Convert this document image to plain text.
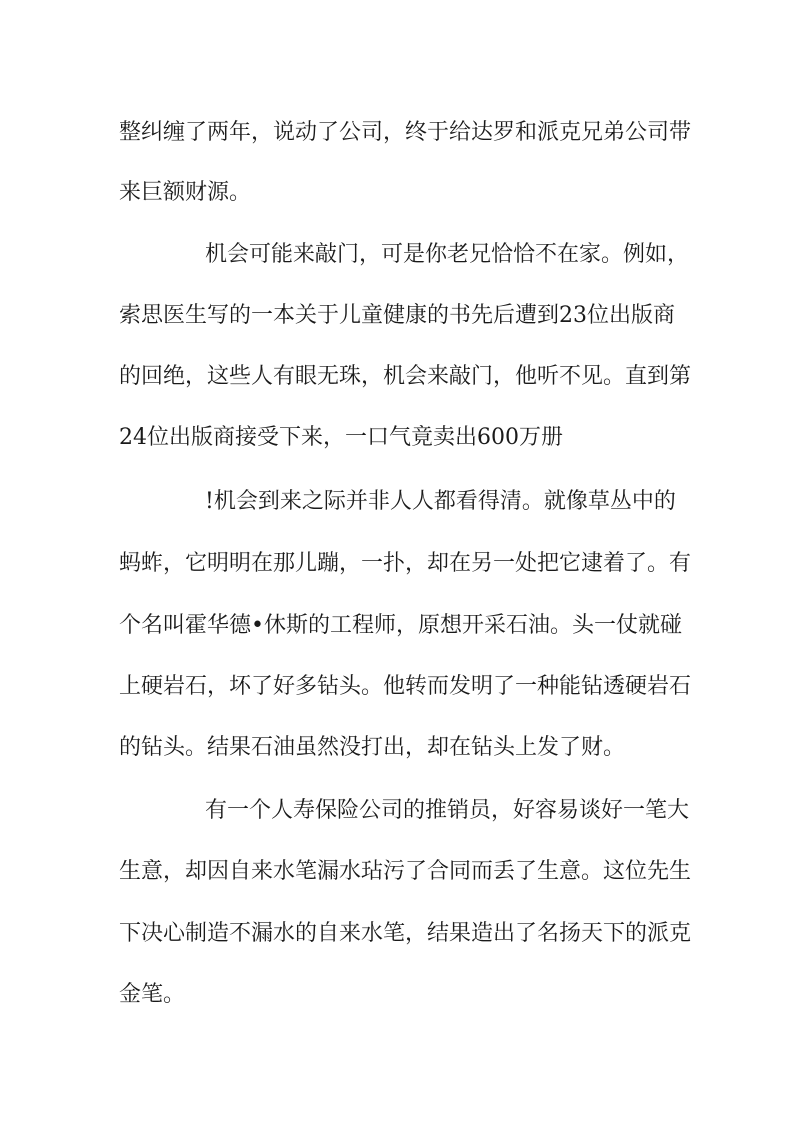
整纠缠了两年，说动了公司，终于给达罗和派克兄弟公司带

来巨额财源。

机会可能来敲门，可是你老兄恰恰不在家。例如，

索思医生写的一本关于儿童健康的书先后遭到23位出版商

的回绝，这些人有眼无珠，机会来敲门，他听不见。直到第

24位出版商接受下来，一口气竟卖出600万册

!机会到来之际并非人人都看得清。就像草丛中的

蚂蚱，它明明在那儿蹦，一扑，却在另一处把它逮着了。有

个名叫霍华德•休斯的工程师，原想开采石油。头一仗就碰

上硬岩石，坏了好多钻头。他转而发明了一种能钻透硬岩石

的钻头。结果石油虽然没打出，却在钻头上发了财。

有一个人寿保险公司的推销员，好容易谈好一笔大

生意，却因自来水笔漏水玷污了合同而丢了生意。这位先生

下决心制造不漏水的自来水笔，结果造出了名扬天下的派克

金笔。
